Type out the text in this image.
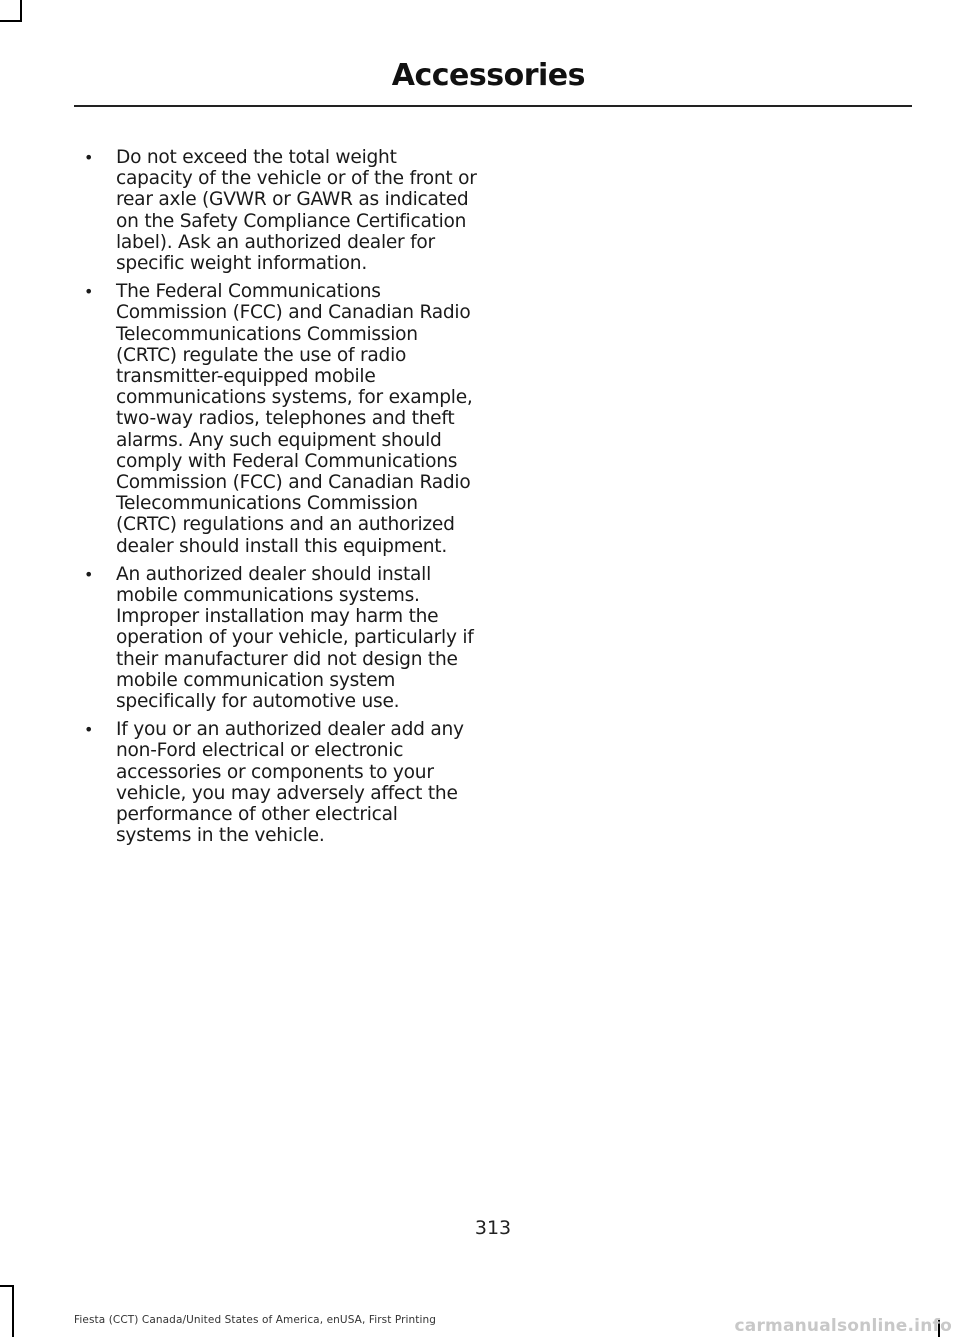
Accessories
• Do not exceed the total weight capacity of the vehicle or of the front or rear axle (GVWR or GAWR as indicated on the Safety Compliance Certification label). Ask an authorized dealer for specific weight information.
• The Federal Communications Commission (FCC) and Canadian Radio Telecommunications Commission (CRTC) regulate the use of radio transmitter-equipped mobile communications systems, for example, two-way radios, telephones and theft alarms. Any such equipment should comply with Federal Communications Commission (FCC) and Canadian Radio Telecommunications Commission (CRTC) regulations and an authorized dealer should install this equipment.
• An authorized dealer should install mobile communications systems. Improper installation may harm the operation of your vehicle, particularly if their manufacturer did not design the mobile communication system specifically for automotive use.
• If you or an authorized dealer add any non-Ford electrical or electronic accessories or components to your vehicle, you may adversely affect the performance of other electrical systems in the vehicle.
313
Fiesta (CCT) Canada/United States of America, enUSA, First Printing	carmanualsonline.info
